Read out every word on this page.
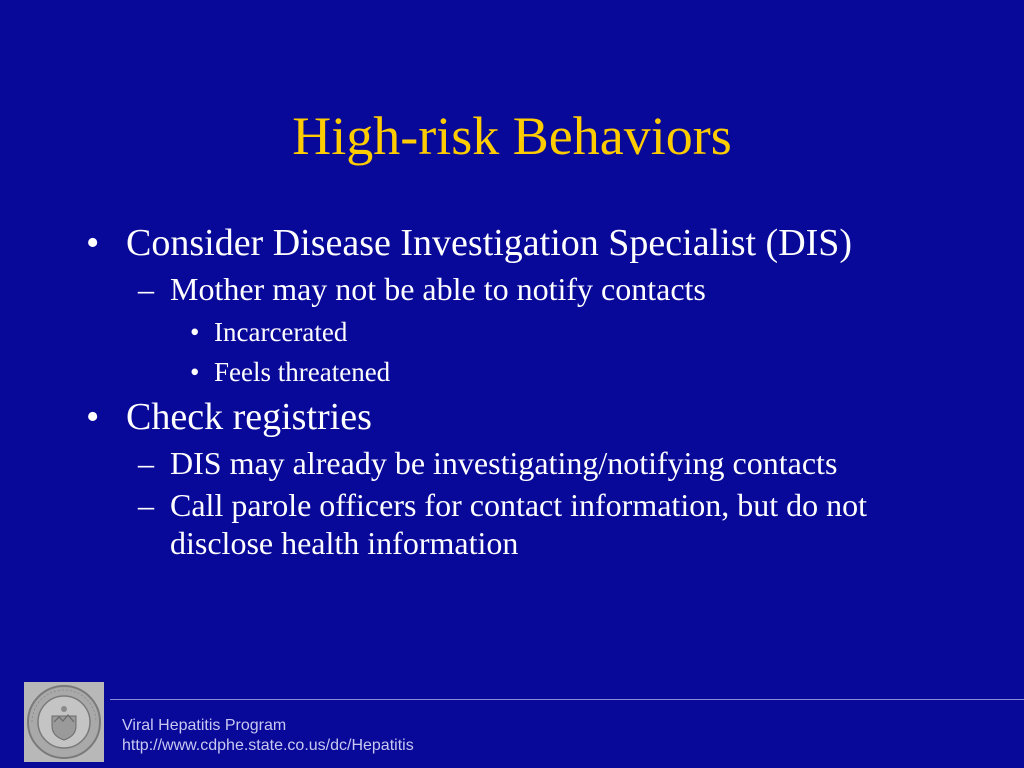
High-risk Behaviors
• Consider Disease Investigation Specialist (DIS)
– Mother may not be able to notify contacts
• Incarcerated
• Feels threatened
• Check registries
– DIS may already be investigating/notifying contacts
– Call parole officers for contact information, but do not disclose health information
Viral Hepatitis Program
http://www.cdphe.state.co.us/dc/Hepatitis
